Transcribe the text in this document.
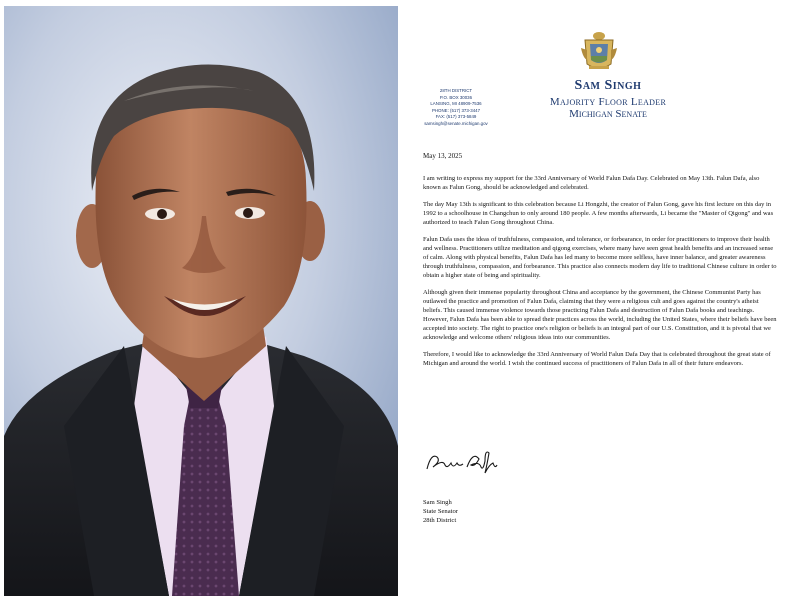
Sam Singh
Majority Floor Leader
Michigan Senate
28TH DISTRICT
P.O. BOX 30036
LANSING, MI 48909-7536
PHONE: (517) 373-3447
FAX: (517) 373-5849
samsingh@senate.michigan.gov
May 13, 2025

I am writing to express my support for the 33rd Anniversary of World Falun Dafa Day. Celebrated on May 13th. Falun Dafa, also known as Falun Gong, should be acknowledged and celebrated.

The day May 13th is significant to this celebration because Li Hongzhi, the creator of Falun Gong, gave his first lecture on this day in 1992 to a schoolhouse in Changchun to only around 180 people. A few months afterwards, Li became the "Master of Qigong" and was authorized to teach Falun Gong throughout China.

Falun Dafa uses the ideas of truthfulness, compassion, and tolerance, or forbearance, in order for practitioners to improve their health and wellness. Practitioners utilize meditation and qigong exercises, where many have seen great health benefits and an increased sense of calm. Along with physical benefits, Falun Dafa has led many to become more selfless, have inner balance, and greater awareness through truthfulness, compassion, and forbearance. This practice also connects modern day life to traditional Chinese culture in order to obtain a higher state of being and spirituality.

Although given their immense popularity throughout China and acceptance by the government, the Chinese Communist Party has outlawed the practice and promotion of Falun Dafa, claiming that they were a religious cult and goes against the country's atheist beliefs. This caused immense violence towards those practicing Falun Dafa and destruction of Falun Dafa books and teachings. However, Falun Dafa has been able to spread their practices across the world, including the United States, where their beliefs have been accepted into society. The right to practice one's religion or beliefs is an integral part of our U.S. Constitution, and it is pivotal that we acknowledge and welcome others' religious ideas into our communities.

Therefore, I would like to acknowledge the 33rd Anniversary of World Falun Dafa Day that is celebrated throughout the great state of Michigan and around the world. I wish the continued success of practitioners of Falun Dafa in all of their future endeavors.

Sam Singh
State Senator
28th District
